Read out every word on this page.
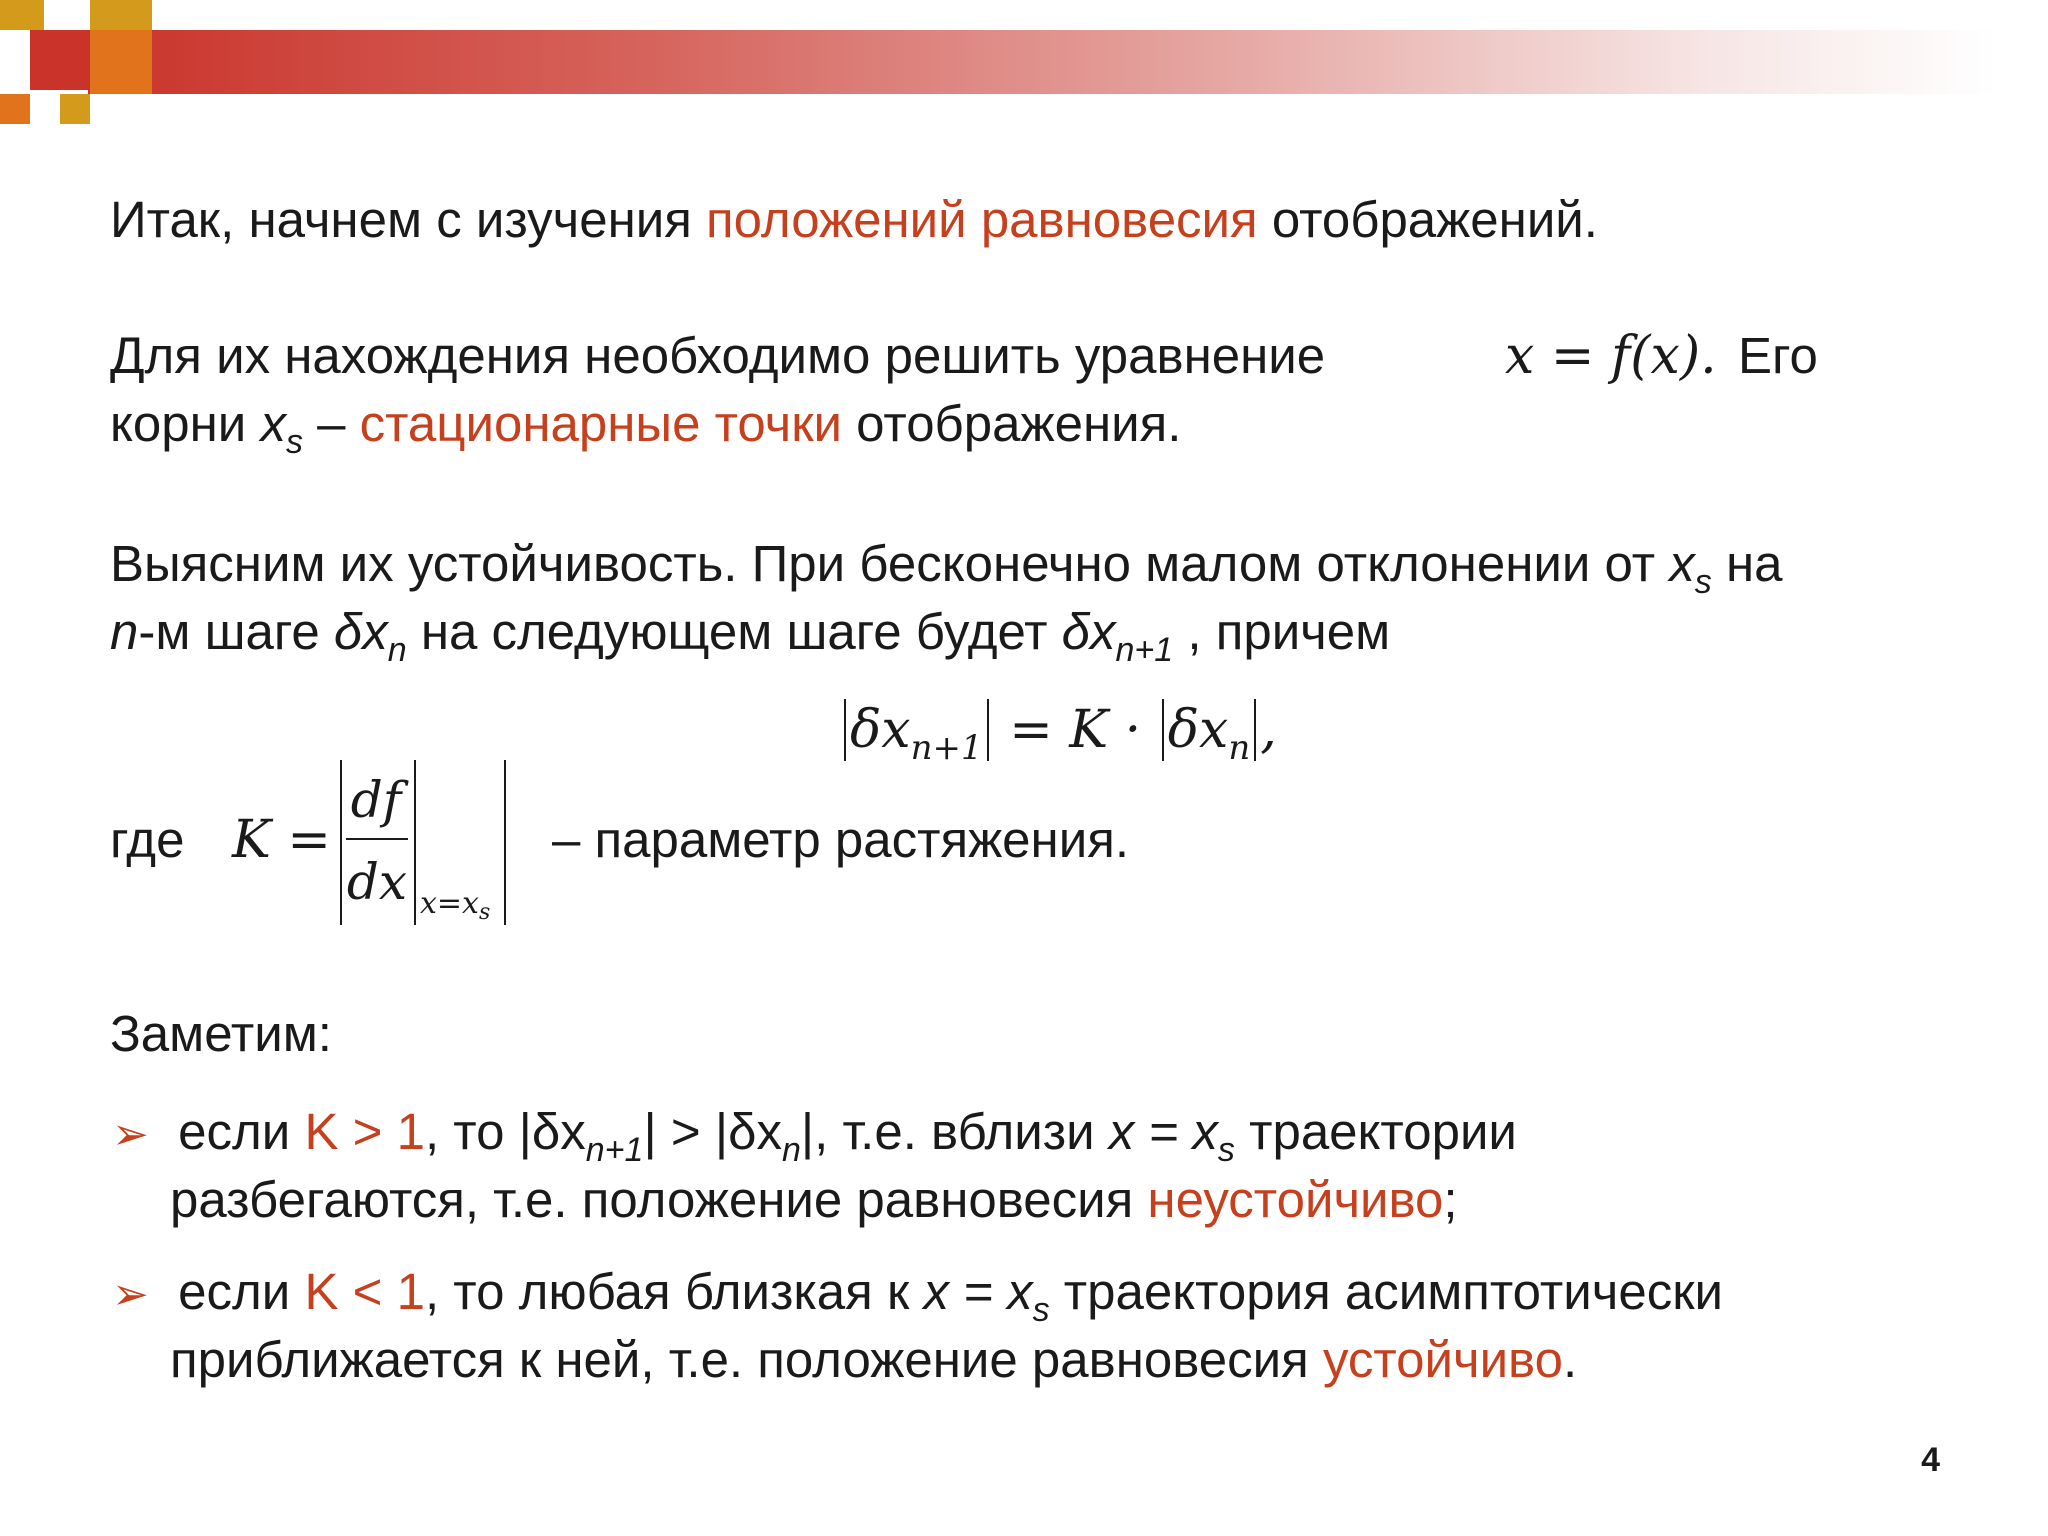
Итак, начнем с изучения положений равновесия отображений.
Для их нахождения необходимо решить уравнение	x = f(x). Его
корни $x_s$ – стационарные точки отображения.
Выясним их устойчивость. При бесконечно малом отклонении от $x_s$ на
n-м шаге $\delta x_n$ на следующем шаге будет $\delta x_{n+1}$ , причем
$\delta x_{n+1} = K \cdot \delta x_n$ ,
где K =
df
dx $x=x_s$
– параметр растяжения.
Заметим:
➢ если K > 1, то $|\delta x_{n+1}| > |\delta x_n|$, т.е. вблизи $x = x_s$ траектории
разбегаются, т.е. положение равновесия неустойчиво;
➢ если K < 1, то любая близкая к $x = x_s$ траектория асимптотически
приближается к ней, т.е. положение равновесия устойчиво.
4
